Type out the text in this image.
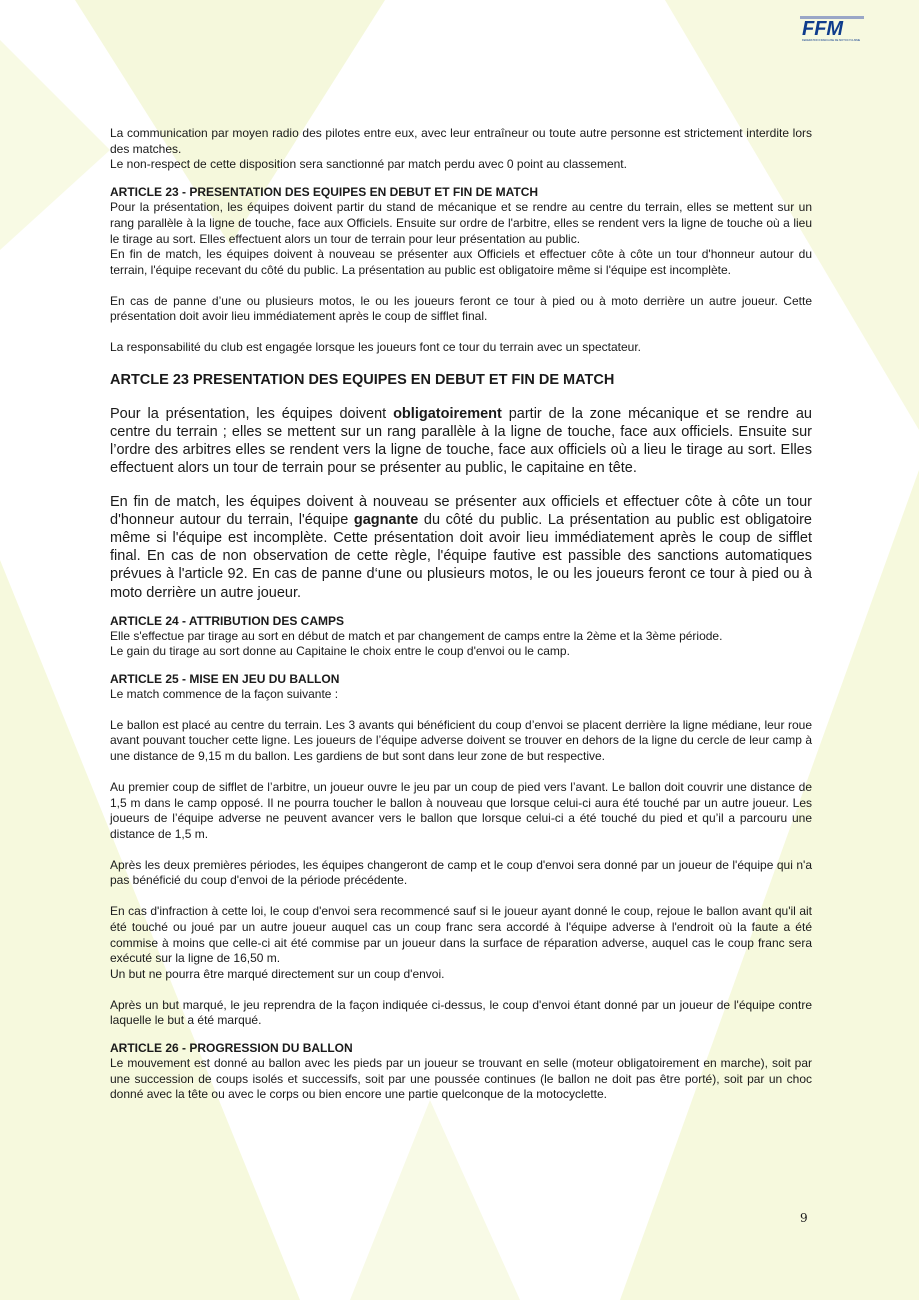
FFM
FEDERATION FRANCAISE DE MOTOCYCLISME

La communication par moyen radio des pilotes entre eux, avec leur entraîneur ou toute autre personne est strictement interdite lors des matches.

Le non-respect de cette disposition sera sanctionné par match perdu avec 0 point au classement.

ARTICLE 23 - PRESENTATION DES EQUIPES EN DEBUT ET FIN DE MATCH

Pour la présentation, les équipes doivent partir du stand de mécanique et se rendre au centre du terrain, elles se mettent sur un rang parallèle à la ligne de touche, face aux Officiels. Ensuite sur ordre de l'arbitre, elles se rendent vers la ligne de touche où a lieu le tirage au sort. Elles effectuent alors un tour de terrain pour leur présentation au public.

En fin de match, les équipes doivent à nouveau se présenter aux Officiels et effectuer côte à côte un tour d'honneur autour du terrain, l'équipe recevant du côté du public. La présentation au public est obligatoire même si l'équipe est incomplète.

En cas de panne d’une ou plusieurs motos, le ou les joueurs feront ce tour à pied ou à moto derrière un autre joueur. Cette présentation doit avoir lieu immédiatement après le coup de sifflet final.

La responsabilité du club est engagée lorsque les joueurs font ce tour du terrain avec un spectateur.

ARTCLE 23 PRESENTATION DES EQUIPES EN DEBUT ET FIN DE MATCH

Pour la présentation, les équipes doivent obligatoirement partir de la zone mécanique et se rendre au centre du terrain ; elles se mettent sur un rang parallèle à la ligne de touche, face aux officiels. Ensuite sur l’ordre des arbitres elles se rendent vers la ligne de touche, face aux officiels où a lieu le tirage au sort. Elles effectuent alors un tour de terrain pour se présenter au public, le capitaine en tête.

En fin de match, les équipes doivent à nouveau se présenter aux officiels et effectuer côte à côte un tour d'honneur autour du terrain, l'équipe gagnante du côté du public. La présentation au public est obligatoire même si l'équipe est incomplète. Cette présentation doit avoir lieu immédiatement après le coup de sifflet final. En cas de non observation de cette règle, l'équipe fautive est passible des sanctions automatiques prévues à l'article 92. En cas de panne d‘une ou plusieurs motos, le ou les joueurs feront ce tour à pied ou à moto derrière un autre joueur.

ARTICLE 24 - ATTRIBUTION DES CAMPS

Elle s'effectue par tirage au sort en début de match et par changement de camps entre la 2ème et la 3ème période.

Le gain du tirage au sort donne au Capitaine le choix entre le coup d'envoi ou le camp.

ARTICLE 25 - MISE EN JEU DU BALLON

Le match commence de la façon suivante :

Le ballon est placé au centre du terrain. Les 3 avants qui bénéficient du coup d’envoi se placent derrière la ligne médiane, leur roue avant pouvant toucher cette ligne. Les joueurs de l’équipe adverse doivent se trouver en dehors de la ligne du cercle de leur camp à une distance de 9,15 m du ballon. Les gardiens de but sont dans leur zone de but respective.

Au premier coup de sifflet de l’arbitre, un joueur ouvre le jeu par un coup de pied vers l’avant. Le ballon doit couvrir une distance de 1,5 m dans le camp opposé. Il ne pourra toucher le ballon à nouveau que lorsque celui-ci aura été touché par un autre joueur. Les joueurs de l’équipe adverse ne peuvent avancer vers le ballon que lorsque celui-ci a été touché du pied et qu’il a parcouru une distance de 1,5 m.

Après les deux premières périodes, les équipes changeront de camp et le coup d'envoi sera donné par un joueur de l'équipe qui n'a pas bénéficié du coup d'envoi de la période précédente.

En cas d'infraction à cette loi, le coup d'envoi sera recommencé sauf si le joueur ayant donné le coup, rejoue le ballon avant qu'il ait été touché ou joué par un autre joueur auquel cas un coup franc sera accordé à l'équipe adverse à l'endroit où la faute a été commise à moins que celle-ci ait été commise par un joueur dans la surface de réparation adverse, auquel cas le coup franc sera exécuté sur la ligne de 16,50 m.

Un but ne pourra être marqué directement sur un coup d'envoi.

Après un but marqué, le jeu reprendra de la façon indiquée ci-dessus, le coup d'envoi étant donné par un joueur de l'équipe contre laquelle le but a été marqué.

ARTICLE 26 - PROGRESSION DU BALLON

Le mouvement est donné au ballon avec les pieds par un joueur se trouvant en selle (moteur obligatoirement en marche), soit par une succession de coups isolés et successifs, soit par une poussée continues (le ballon ne doit pas être porté), soit par un choc donné avec la tête ou avec le corps ou bien encore une partie quelconque de la motocyclette.

9
